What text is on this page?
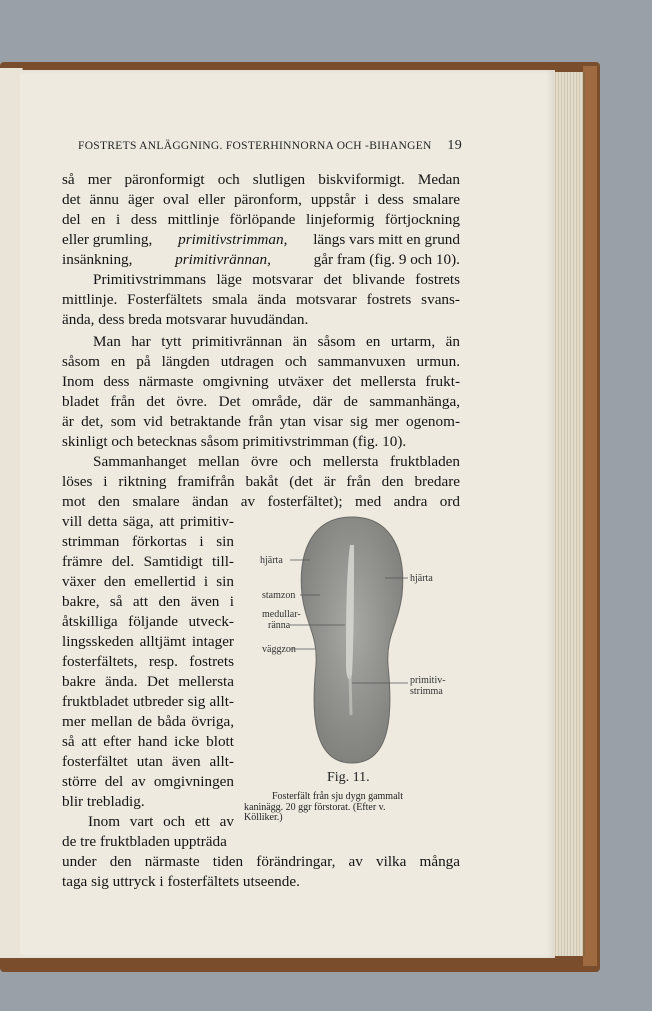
FOSTRETS ANLÄGGNING. FOSTERHINNORNA OCH -BIHANGEN 19
så mer päronformigt och slutligen biskviformigt. Medan
det ännu äger oval eller päronform, uppstår i dess smalare
del en i dess mittlinje förlöpande linjeformig förtjockning
eller grumling, primitivstrimman, längs vars mitt en grund
insänkning,	primitivrännan,	går fram (fig. 9 och 10).
Primitivstrimmans läge motsvarar det blivande fostrets
mittlinje. Fosterfältets smala ända motsvarar fostrets svans-
ända, dess breda motsvarar huvudändan.
Man har tytt primitivrännan än såsom en urtarm, än
såsom en på längden utdragen och sammanvuxen urmun.
Inom dess närmaste omgivning utväxer det mellersta frukt-
bladet från det övre. Det område, där de sammanhänga,
är det, som vid betraktande från ytan visar sig mer ogenom-
skinligt och betecknas såsom primitivstrimman (fig. 10).
Sammanhanget mellan övre och mellersta fruktbladen
löses i riktning framifrån bakåt (det är från den bredare
mot den smalare ändan av fosterfältet); med andra ord
vill detta säga, att primitiv-
strimman förkortas i sin
främre del. Samtidigt till-
växer den emellertid i sin
bakre, så att den även i
åtskilliga följande utveck-
lingsskeden alltjämt intager
fosterfältets, resp. fostrets
bakre ända. Det mellersta
fruktbladet utbreder sig allt-
mer mellan de båda övriga,
så att efter hand icke blott
fosterfältet utan även allt-
större del av omgivningen
blir trebladig.
Inom vart och ett av
de tre fruktbladen uppträda
under den närmaste tiden förändringar, av vilka många
taga sig uttryck i fosterfältets utseende.
hjärta
stamzon
medullar-
ränna
väggzon
hjärta
primitiv-
strimma
Fig. 11.
Fosterfält från sju dygn gammalt
kaninägg. 20 ggr förstorat. (Efter v.
Kölliker.)
